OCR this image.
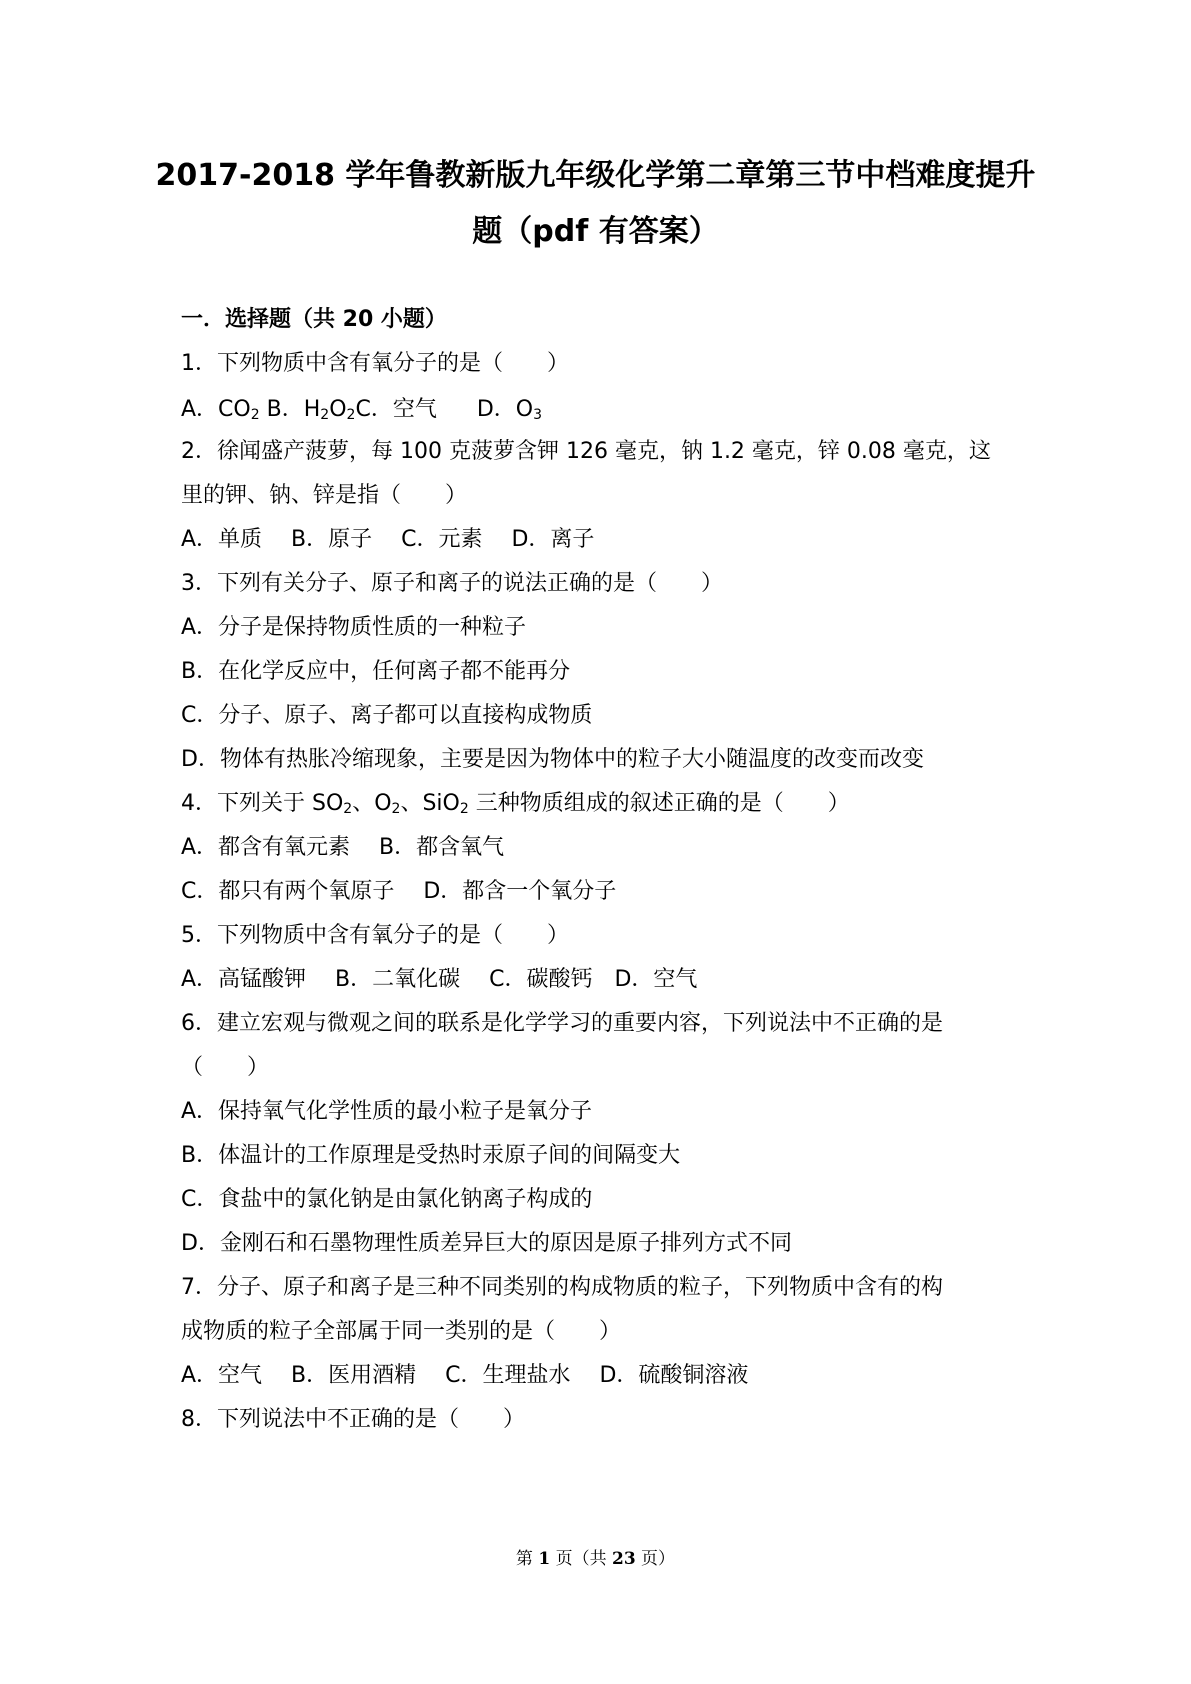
2017-2018 学年鲁教新版九年级化学第二章第三节中档难度提升
题（pdf 有答案）
一．选择题（共 20 小题）
1．下列物质中含有氧分子的是（　　）
A．$CO_2$ B．$H_2O_2C$．空气 D．$O_3$
2．徐闻盛产菠萝，每 100 克菠萝含钾 126 毫克，钠 1.2 毫克，锌 0.08 毫克，这
里的钾、钠、锌是指（　　）
A．单质　 B．原子　 C．元素　 D．离子
3．下列有关分子、原子和离子的说法正确的是（　　）
A．分子是保持物质性质的一种粒子
B．在化学反应中，任何离子都不能再分
C．分子、原子、离子都可以直接构成物质
D．物体有热胀冷缩现象，主要是因为物体中的粒子大小随温度的改变而改变
4．下列关于 $SO_2$、$O_2$、SiO$_2$ 三种物质组成的叙述正确的是（　　）
A．都含有氧元素　 B．都含氧气
C．都只有两个氧原子　 D．都含一个氧分子
5．下列物质中含有氧分子的是（　　）
A．高锰酸钾　 B．二氧化碳　 C．碳酸钙　D．空气
6．建立宏观与微观之间的联系是化学学习的重要内容，下列说法中不正确的是
（　　）
A．保持氧气化学性质的最小粒子是氧分子
B．体温计的工作原理是受热时汞原子间的间隔变大
C．食盐中的氯化钠是由氯化钠离子构成的
D．金刚石和石墨物理性质差异巨大的原因是原子排列方式不同
7．分子、原子和离子是三种不同类别的构成物质的粒子，下列物质中含有的构
成物质的粒子全部属于同一类别的是（　　）
A．空气　 B．医用酒精　 C．生理盐水　 D．硫酸铜溶液
8．下列说法中不正确的是（　　）
第 1 页（共 23 页）
